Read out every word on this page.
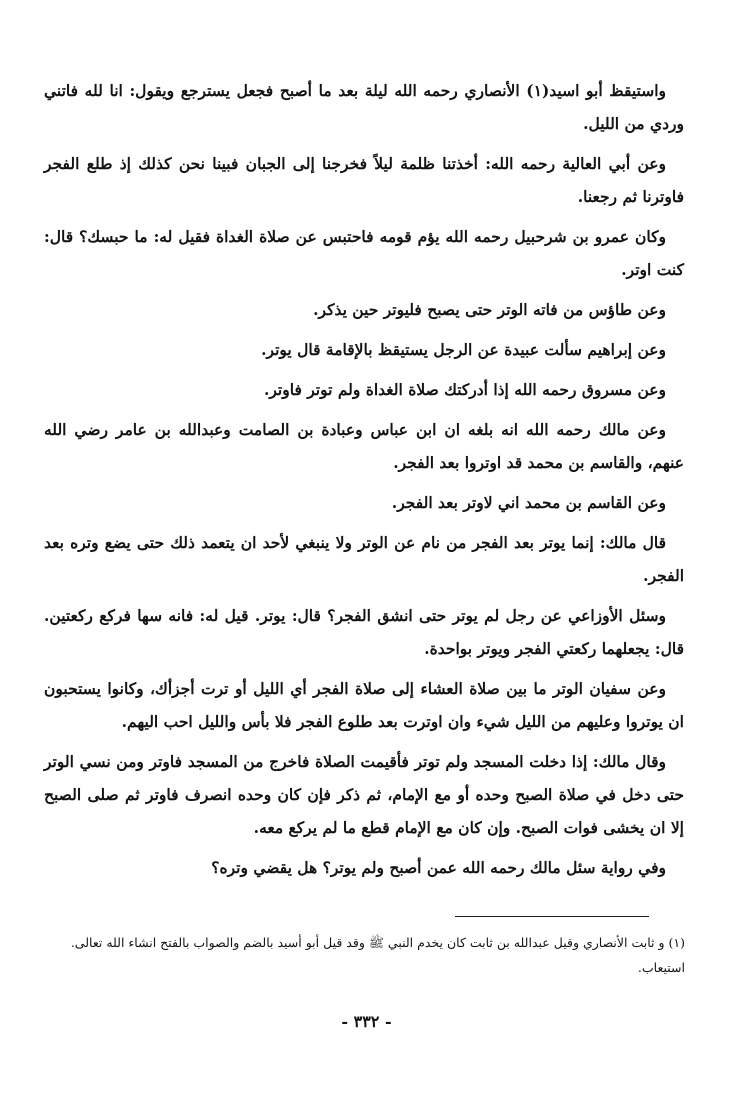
واستيقظ أبو اسيد(١) الأنصاري رحمه الله ليلة بعد ما أصبح فجعل يسترجع ويقول: انا لله فاتني وردي من الليل.

وعن أبي العالية رحمه الله: أخذتنا ظلمة ليلاً فخرجنا إلى الجبان فبينا نحن كذلك إذ طلع الفجر فاوترنا ثم رجعنا.

وكان عمرو بن شرحبيل رحمه الله يؤم قومه فاحتبس عن صلاة الغداة فقيل له: ما حبسك؟ قال: كنت اوتر.

وعن طاؤس من فاته الوتر حتى يصبح فليوتر حين يذكر.

وعن إبراهيم سألت عبيدة عن الرجل يستيقظ بالإقامة قال يوتر.

وعن مسروق رحمه الله إذا أدركتك صلاة الغداة ولم توتر فاوتر.

وعن مالك رحمه الله انه بلغه ان ابن عباس وعبادة بن الصامت وعبدالله بن عامر رضي الله عنهم، والقاسم بن محمد قد اوتروا بعد الفجر.

وعن القاسم بن محمد اني لاوتر بعد الفجر.

قال مالك: إنما يوتر بعد الفجر من نام عن الوتر ولا ينبغي لأحد ان يتعمد ذلك حتى يضع وتره بعد الفجر.

وسئل الأوزاعي عن رجل لم يوتر حتى انشق الفجر؟ قال: يوتر. قيل له: فانه سها فركع ركعتين. قال: يجعلهما ركعتي الفجر ويوتر بواحدة.

وعن سفيان الوتر ما بين صلاة العشاء إلى صلاة الفجر أي الليل أو ترت أجزأك، وكانوا يستحبون ان يوتروا وعليهم من الليل شيء وان اوترت بعد طلوع الفجر فلا بأس والليل احب اليهم.

وقال مالك: إذا دخلت المسجد ولم توتر فأقيمت الصلاة فاخرج من المسجد فاوتر ومن نسي الوتر حتى دخل في صلاة الصبح وحده أو مع الإمام، ثم ذكر فإن كان وحده انصرف فاوتر ثم صلى الصبح إلا ان يخشى فوات الصبح. وإن كان مع الإمام قطع ما لم يركع معه.

وفي رواية سئل مالك رحمه الله عمن أصبح ولم يوتر؟ هل يقضي وتره؟

(١) و ثابت الأنصاري وقيل عبدالله بن ثابت كان يخدم النبي ﷺ وقد قيل أبو أسيد بالضم والصواب بالفتح انشاء الله تعالى. استيعاب.

- ٣٣٢ -
